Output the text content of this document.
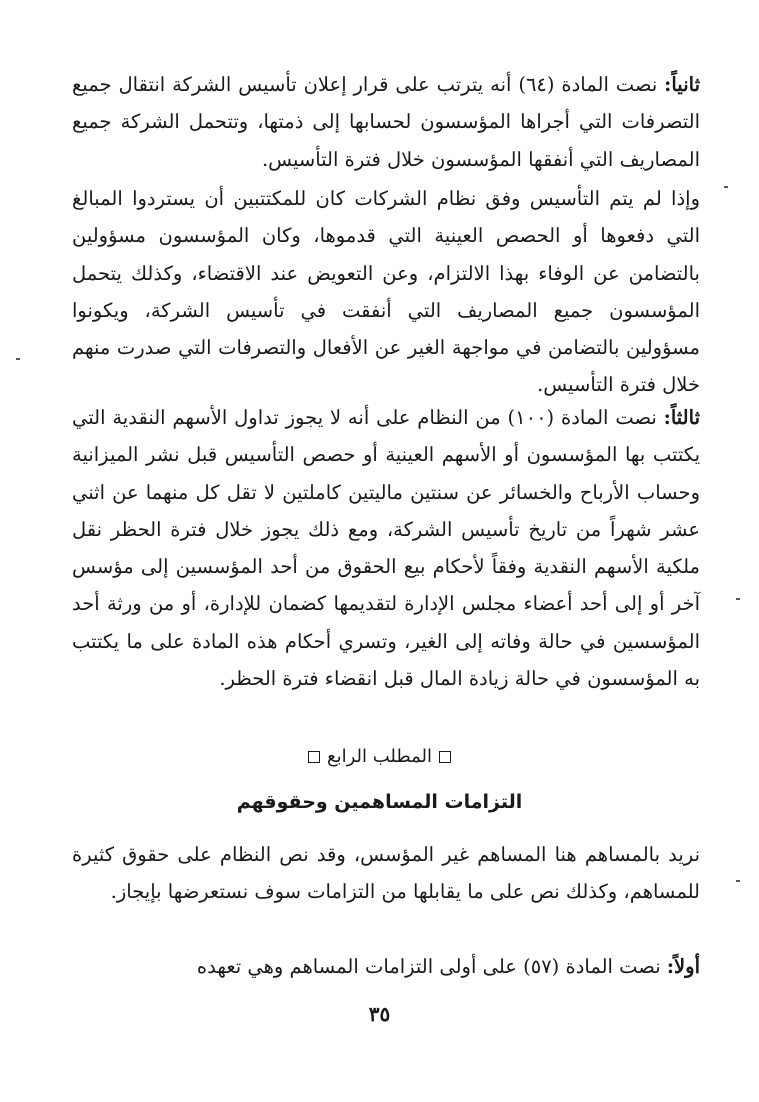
ثانياً: نصت المادة (٦٤) أنه يترتب على قرار إعلان تأسيس الشركة انتقال جميع التصرفات التي أجراها المؤسسون لحسابها إلى ذمتها، وتتحمل الشركة جميع المصاريف التي أنفقها المؤسسون خلال فترة التأسيس.

وإذا لم يتم التأسيس وفق نظام الشركات كان للمكتتبين أن يستردوا المبالغ التي دفعوها أو الحصص العينية التي قدموها، وكان المؤسسون مسؤولين بالتضامن عن الوفاء بهذا الالتزام، وعن التعويض عند الاقتضاء، وكذلك يتحمل المؤسسون جميع المصاريف التي أنفقت في تأسيس الشركة، ويكونوا مسؤولين بالتضامن في مواجهة الغير عن الأفعال والتصرفات التي صدرت منهم خلال فترة التأسيس.

ثالثاً: نصت المادة (١٠٠) من النظام على أنه لا يجوز تداول الأسهم النقدية التي يكتتب بها المؤسسون أو الأسهم العينية أو حصص التأسيس قبل نشر الميزانية وحساب الأرباح والخسائر عن سنتين ماليتين كاملتين لا تقل كل منهما عن اثني عشر شهراً من تاريخ تأسيس الشركة، ومع ذلك يجوز خلال فترة الحظر نقل ملكية الأسهم النقدية وفقاً لأحكام بيع الحقوق من أحد المؤسسين إلى مؤسس آخر أو إلى أحد أعضاء مجلس الإدارة لتقديمها كضمان للإدارة، أو من ورثة أحد المؤسسين في حالة وفاته إلى الغير، وتسري أحكام هذه المادة على ما يكتتب به المؤسسون في حالة زيادة المال قبل انقضاء فترة الحظر.

المطلب الرابع
التزامات المساهمين وحقوقهم

نريد بالمساهم هنا المساهم غير المؤسس، وقد نص النظام على حقوق كثيرة للمساهم، وكذلك نص على ما يقابلها من التزامات سوف نستعرضها بإيجاز.

أولاً: نصت المادة (٥٧) على أولى التزامات المساهم وهي تعهده

٣٥
